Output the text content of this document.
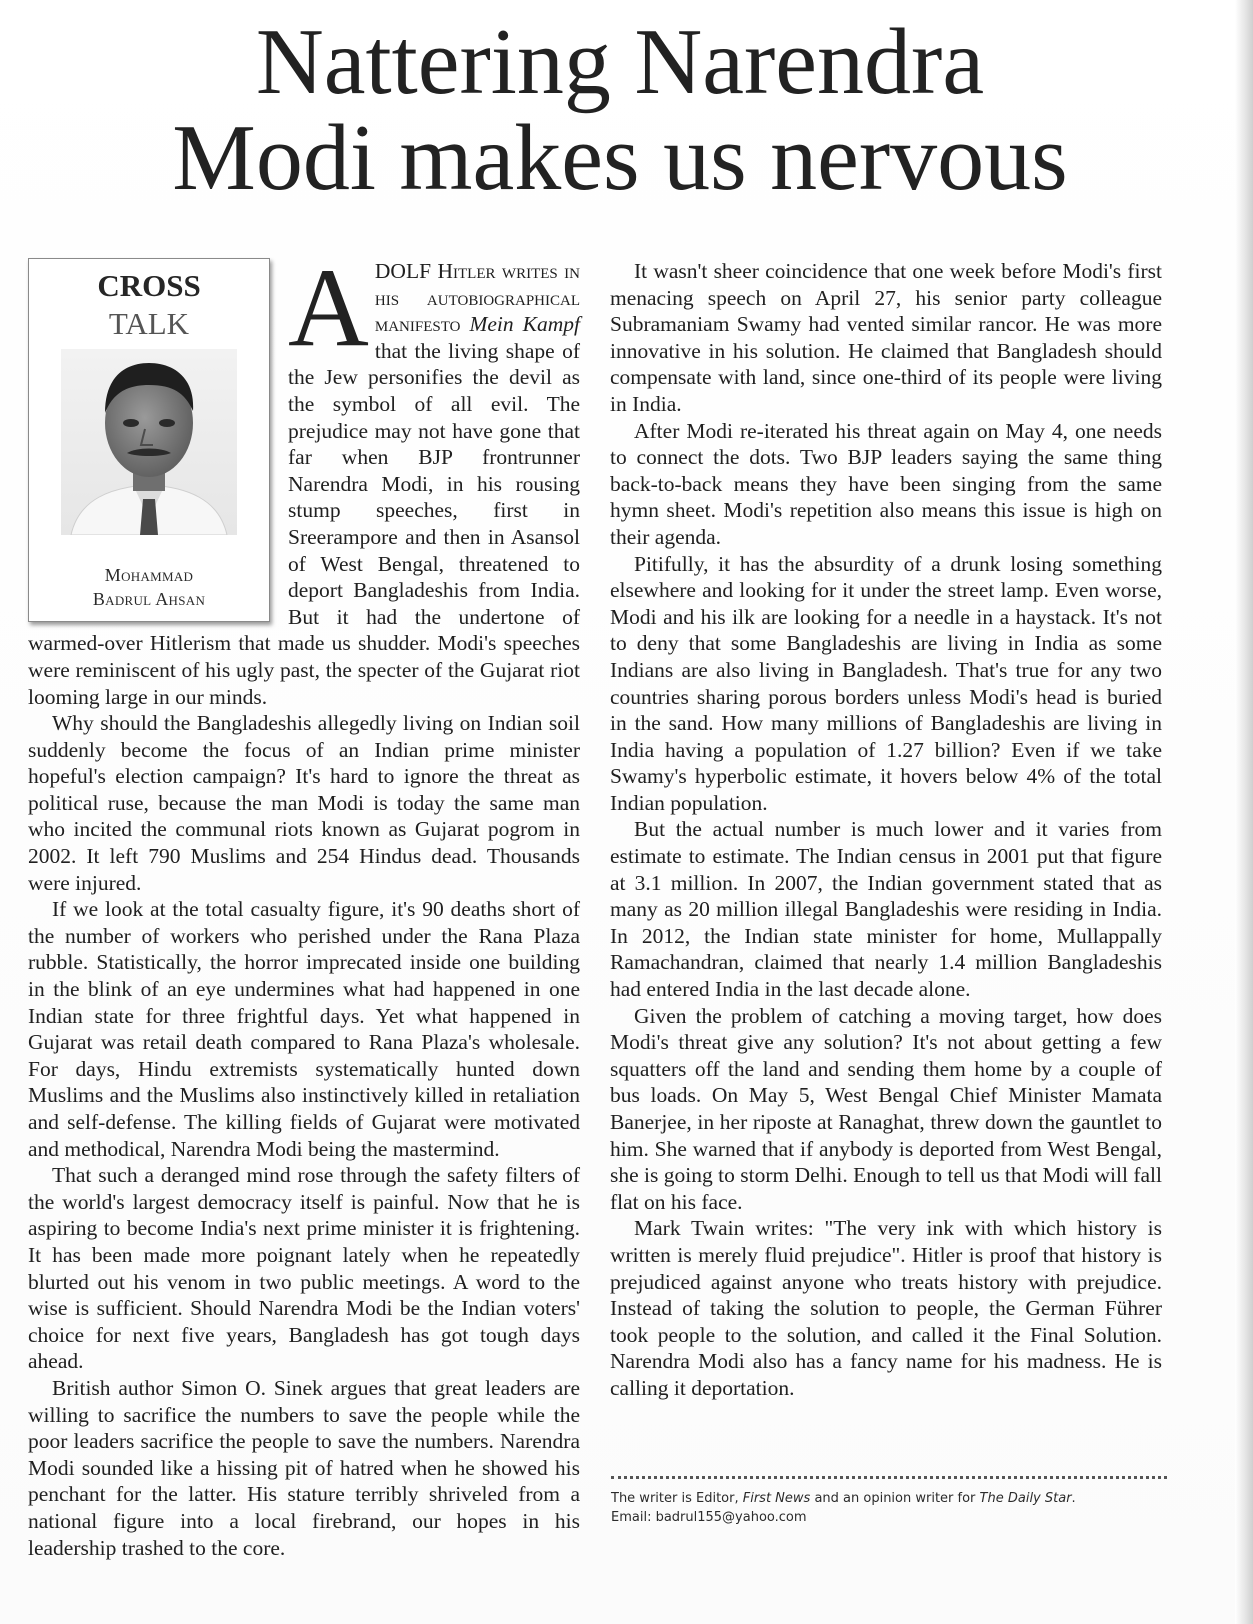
Nattering Narendra
Modi makes us nervous
CROSS
TALK
Mohammad
Badrul Ahsan

ADOLF Hitler writes in his autobiographical manifesto Mein Kampf that the living shape of the Jew personifies the devil as the symbol of all evil. The prejudice may not have gone that far when BJP frontrunner Narendra Modi, in his rousing stump speeches, first in Sreerampore and then in Asansol of West Bengal, threatened to deport Bangladeshis from India. But it had the undertone of warmed-over Hitlerism that made us shudder. Modi's speeches were reminiscent of his ugly past, the specter of the Gujarat riot looming large in our minds.

Why should the Bangladeshis allegedly living on Indian soil suddenly become the focus of an Indian prime minister hopeful's election campaign? It's hard to ignore the threat as political ruse, because the man Modi is today the same man who incited the communal riots known as Gujarat pogrom in 2002. It left 790 Muslims and 254 Hindus dead. Thousands were injured.

If we look at the total casualty figure, it's 90 deaths short of the number of workers who perished under the Rana Plaza rubble. Statistically, the horror imprecated inside one building in the blink of an eye undermines what had happened in one Indian state for three frightful days. Yet what happened in Gujarat was retail death compared to Rana Plaza's wholesale. For days, Hindu extremists systematically hunted down Muslims and the Muslims also instinctively killed in retaliation and self-defense. The killing fields of Gujarat were motivated and methodical, Narendra Modi being the mastermind.

That such a deranged mind rose through the safety filters of the world's largest democracy itself is painful. Now that he is aspiring to become India's next prime minister it is frightening. It has been made more poignant lately when he repeatedly blurted out his venom in two public meetings. A word to the wise is sufficient. Should Narendra Modi be the Indian voters' choice for next five years, Bangladesh has got tough days ahead.

British author Simon O. Sinek argues that great leaders are willing to sacrifice the numbers to save the people while the poor leaders sacrifice the people to save the numbers. Narendra Modi sounded like a hissing pit of hatred when he showed his penchant for the latter. His stature terribly shriveled from a national figure into a local firebrand, our hopes in his leadership trashed to the core.

It wasn't sheer coincidence that one week before Modi's first menacing speech on April 27, his senior party colleague Subramaniam Swamy had vented similar rancor. He was more innovative in his solution. He claimed that Bangladesh should compensate with land, since one-third of its people were living in India.

After Modi re-iterated his threat again on May 4, one needs to connect the dots. Two BJP leaders saying the same thing back-to-back means they have been singing from the same hymn sheet. Modi's repetition also means this issue is high on their agenda.

Pitifully, it has the absurdity of a drunk losing something elsewhere and looking for it under the street lamp. Even worse, Modi and his ilk are looking for a needle in a haystack. It's not to deny that some Bangladeshis are living in India as some Indians are also living in Bangladesh. That's true for any two countries sharing porous borders unless Modi's head is buried in the sand. How many millions of Bangladeshis are living in India having a population of 1.27 billion? Even if we take Swamy's hyperbolic estimate, it hovers below 4% of the total Indian population.

But the actual number is much lower and it varies from estimate to estimate. The Indian census in 2001 put that figure at 3.1 million. In 2007, the Indian government stated that as many as 20 million illegal Bangladeshis were residing in India. In 2012, the Indian state minister for home, Mullappally Ramachandran, claimed that nearly 1.4 million Bangladeshis had entered India in the last decade alone.

Given the problem of catching a moving target, how does Modi's threat give any solution? It's not about getting a few squatters off the land and sending them home by a couple of bus loads. On May 5, West Bengal Chief Minister Mamata Banerjee, in her riposte at Ranaghat, threw down the gauntlet to him. She warned that if anybody is deported from West Bengal, she is going to storm Delhi. Enough to tell us that Modi will fall flat on his face.

Mark Twain writes: "The very ink with which history is written is merely fluid prejudice". Hitler is proof that history is prejudiced against anyone who treats history with prejudice. Instead of taking the solution to people, the German Führer took people to the solution, and called it the Final Solution. Narendra Modi also has a fancy name for his madness. He is calling it deportation.

The writer is Editor, First News and an opinion writer for The Daily Star.
Email: badrul155@yahoo.com
